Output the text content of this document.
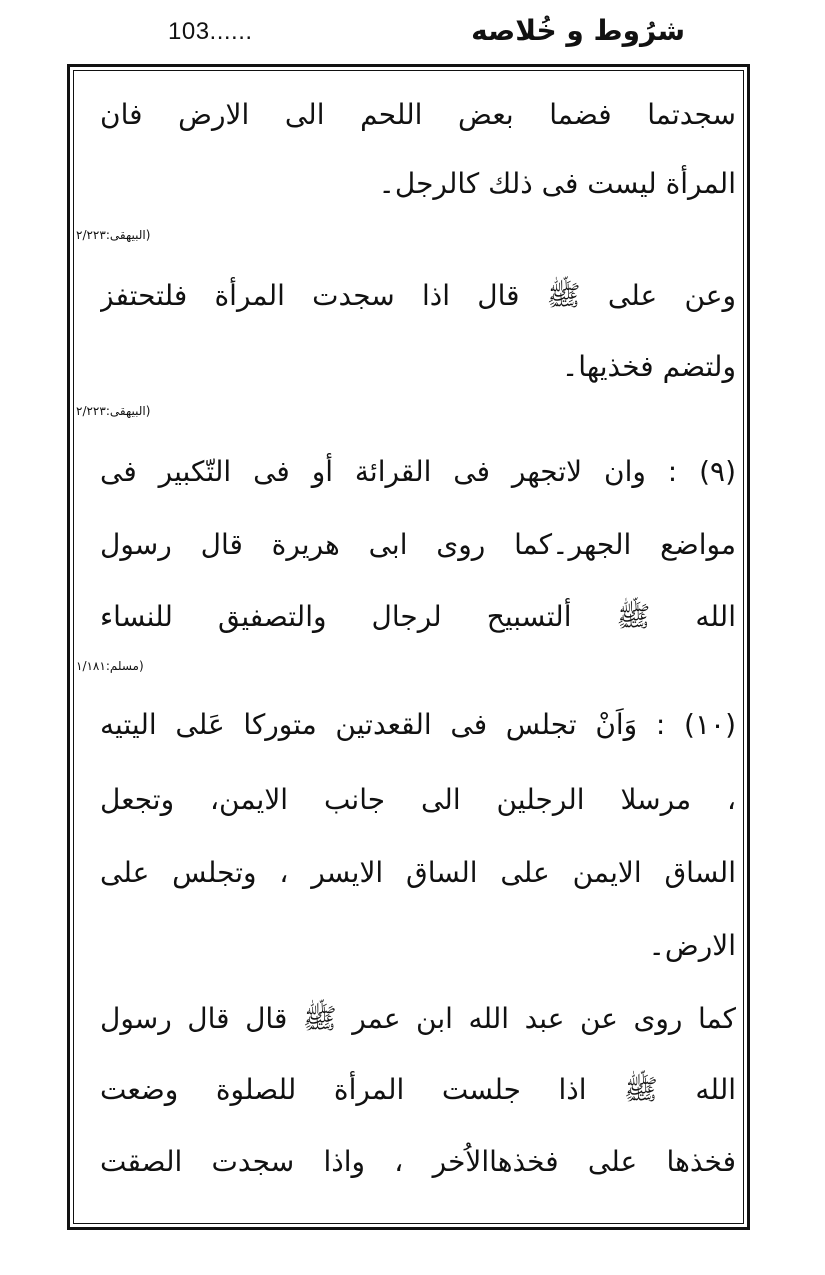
103......	شرُوط و خُلاصه
سجدتما فضما بعض اللحم الى الارض فان
المرأة ليست فی ذلك كالرجل۔
(البيهقی:۲/۲۲۳
وعن على ﷺ قال اذا سجدت المرأة فلتحتفز
ولتضم فخذيها۔
(البيهقی:۲/۲۲۳
(۹) : وان لاتجهر فی القرائة أو فی التّكبير فی
مواضع الجهر۔كما روی ابی هريرة قال رسول
الله ﷺ ألتسبيح لرجال والتصفيق للنساء
(مسلم:۱/۱۸۱
(۱۰) : وَاَنْ تجلس فی القعدتين متوركا عَلى اليتيه
، مرسلا الرجلين الى جانب الايمن، وتجعل
الساق الايمن على الساق الايسر ، وتجلس على
الارض۔
كما روی عن عبد الله ابن عمر ﷺ قال قال رسول
الله ﷺ اذا جلست المرأة للصلوة وضعت
فخذها على فخذهاالاُخر ، واذا سجدت الصقت
